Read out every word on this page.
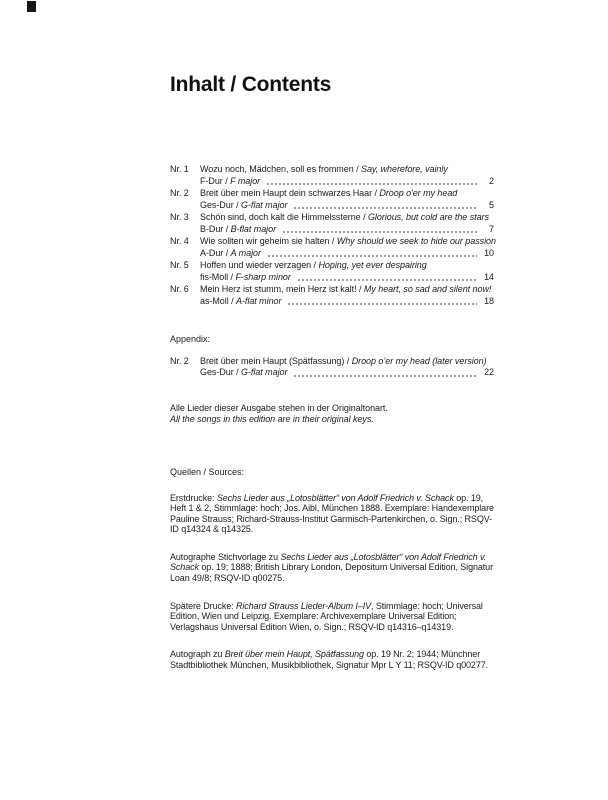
Inhalt / Contents
Nr. 1	Wozu noch, Mädchen, soll es frommen / Say, wherefore, vainly
F-Dur / F major	2
Nr. 2	Breit über mein Haupt dein schwarzes Haar / Droop o'er my head
Ges-Dur / G-flat major	5
Nr. 3	Schön sind, doch kalt die Himmelssterne / Glorious, but cold are the stars
B-Dur / B-flat major	7
Nr. 4	Wie sollten wir geheim sie halten / Why should we seek to hide our passion
A-Dur / A major	10
Nr. 5	Hoffen und wieder verzagen / Hoping, yet ever despairing
fis-Moll / F-sharp minor	14
Nr. 6	Mein Herz ist stumm, mein Herz ist kalt! / My heart, so sad and silent now!
as-Moll / A-flat minor	18
Appendix:
Nr. 2	Breit über mein Haupt (Spätfassung) / Droop o’er my head (later version)
Ges-Dur / G-flat major	22
Alle Lieder dieser Ausgabe stehen in der Originaltonart.
All the songs in this edition are in their original keys.
Quellen / Sources:

Erstdrucke: Sechs Lieder aus „Lotosblätter“ von Adolf Friedrich v. Schack op. 19, Heft 1 & 2, Stimmlage: hoch; Jos. Aibl, München 1888. Exemplare: Handexemplare Pauline Strauss; Richard-Strauss-Institut Garmisch-Partenkirchen, o. Sign.; RSQV-ID q14324 & q14325.

Autographe Stichvorlage zu Sechs Lieder aus „Lotosblätter“ von Adolf Friedrich v. Schack op. 19; 1888; British Library London, Depositum Universal Edition, Signatur Loan 49/8; RSQV-ID q00275.

Spätere Drucke: Richard Strauss Lieder-Album I–IV, Stimmlage: hoch; Universal Edition, Wien und Leipzig. Exemplare: Archivexemplare Universal Edition; Verlagshaus Universal Edition Wien, o. Sign.; RSQV-ID q14316–q14319.

Autograph zu Breit über mein Haupt, Spätfassung op. 19 Nr. 2; 1944; Münchner Stadtbibliothek München, Musikbibliothek, Signatur Mpr L Y 11; RSQV-ID q00277.
